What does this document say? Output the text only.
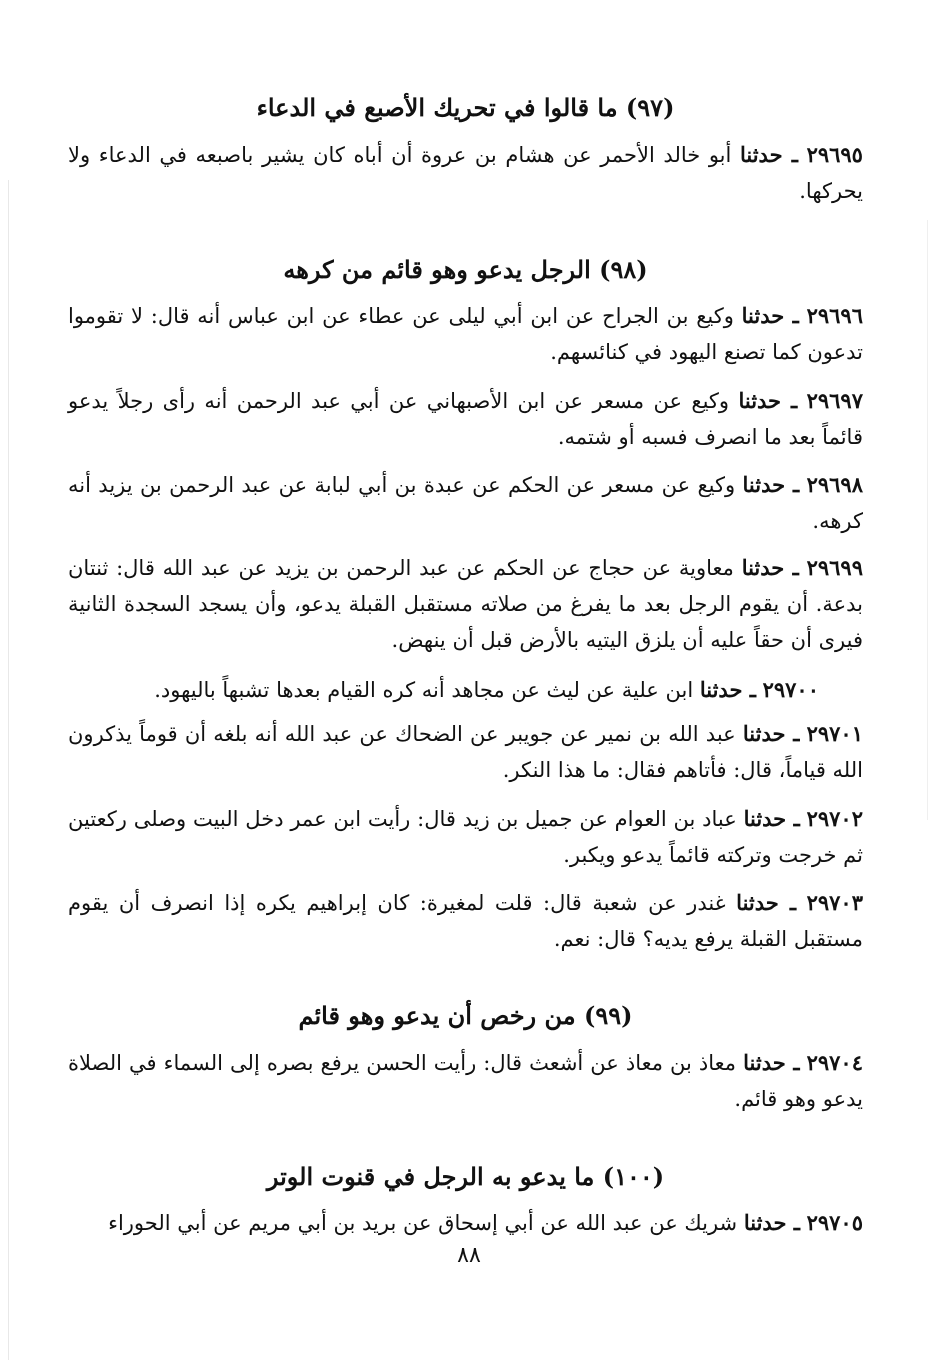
(٩٧) ما قالوا في تحريك الأصبع في الدعاء

٢٩٦٩٥ ـ حدثنا أبو خالد الأحمر عن هشام بن عروة أن أباه كان يشير باصبعه في الدعاء ولا يحركها.

(٩٨) الرجل يدعو وهو قائم من كرهه

٢٩٦٩٦ ـ حدثنا وكيع بن الجراح عن ابن أبي ليلى عن عطاء عن ابن عباس أنه قال: لا تقوموا تدعون كما تصنع اليهود في كنائسهم.

٢٩٦٩٧ ـ حدثنا وكيع عن مسعر عن ابن الأصبهاني عن أبي عبد الرحمن أنه رأى رجلاً يدعو قائماً بعد ما انصرف فسبه أو شتمه.

٢٩٦٩٨ ـ حدثنا وكيع عن مسعر عن الحكم عن عبدة بن أبي لبابة عن عبد الرحمن بن يزيد أنه كرهه.

٢٩٦٩٩ ـ حدثنا معاوية عن حجاج عن الحكم عن عبد الرحمن بن يزيد عن عبد الله قال: ثنتان بدعة. أن يقوم الرجل بعد ما يفرغ من صلاته مستقبل القبلة يدعو، وأن يسجد السجدة الثانية فيرى أن حقاً عليه أن يلزق اليتيه بالأرض قبل أن ينهض.

٢٩٧٠٠ ـ حدثنا ابن علية عن ليث عن مجاهد أنه كره القيام بعدها تشبهاً باليهود.

٢٩٧٠١ ـ حدثنا عبد الله بن نمير عن جويبر عن الضحاك عن عبد الله أنه بلغه أن قوماً يذكرون الله قياماً، قال: فأتاهم فقال: ما هذا النكر.

٢٩٧٠٢ ـ حدثنا عباد بن العوام عن جميل بن زيد قال: رأيت ابن عمر دخل البيت وصلى ركعتين ثم خرجت وتركته قائماً يدعو ويكبر.

٢٩٧٠٣ ـ حدثنا غندر عن شعبة قال: قلت لمغيرة: كان إبراهيم يكره إذا انصرف أن يقوم مستقبل القبلة يرفع يديه؟ قال: نعم.

(٩٩) من رخص أن يدعو وهو قائم

٢٩٧٠٤ ـ حدثنا معاذ بن معاذ عن أشعث قال: رأيت الحسن يرفع بصره إلى السماء في الصلاة يدعو وهو قائم.

(١٠٠) ما يدعو به الرجل في قنوت الوتر

٢٩٧٠٥ ـ حدثنا شريك عن عبد الله عن أبي إسحاق عن بريد بن أبي مريم عن أبي الحوراء

٨٨
